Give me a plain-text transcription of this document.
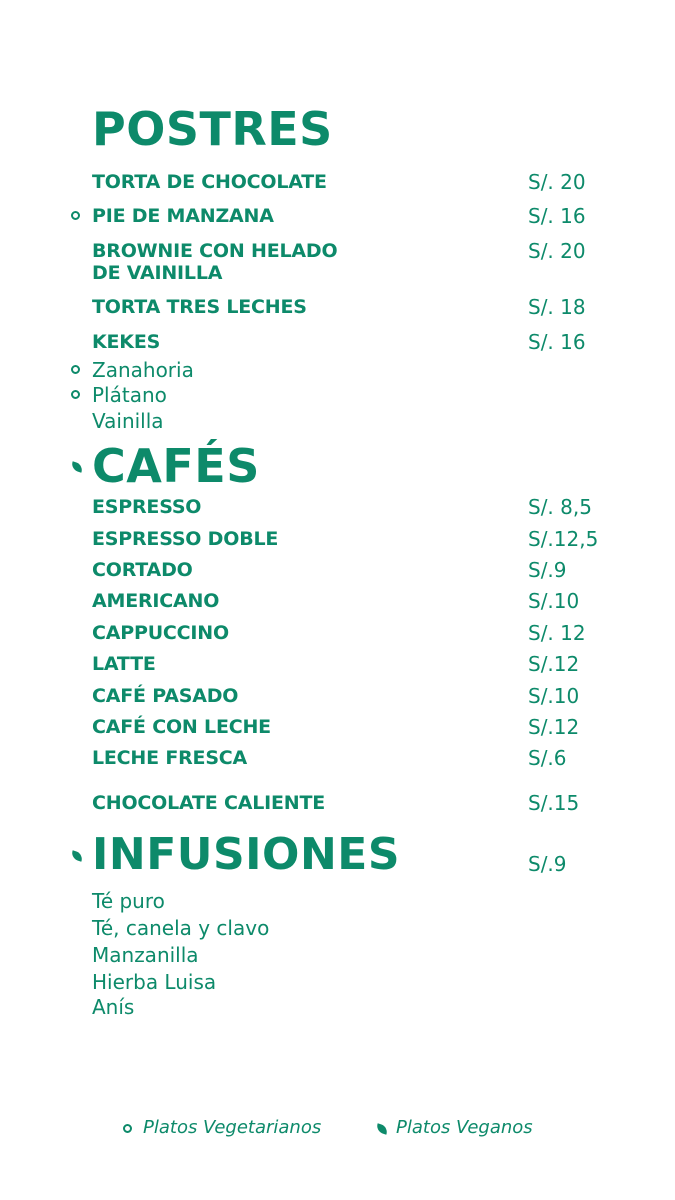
POSTRES
TORTA DE CHOCOLATE	S/. 20
PIE DE MANZANA	S/. 16
BROWNIE CON HELADO
DE VAINILLA
S/. 20
TORTA TRES LECHES	S/. 18
KEKES	S/. 16
Zanahoria
Plátano
Vainilla
CAFÉS
ESPRESSO	S/. 8,5
ESPRESSO DOBLE	S/.12,5
CORTADO	S/.9
AMERICANO	S/.10
CAPPUCCINO	S/. 12
LATTE	S/.12
CAFÉ PASADO	S/.10
CAFÉ CON LECHE	S/.12
LECHE FRESCA	S/.6
CHOCOLATE CALIENTE	S/.15
INFUSIONES	S/.9
Té puro
Té, canela y clavo
Manzanilla
Hierba Luisa
Anís
Platos Vegetarianos	Platos Veganos
